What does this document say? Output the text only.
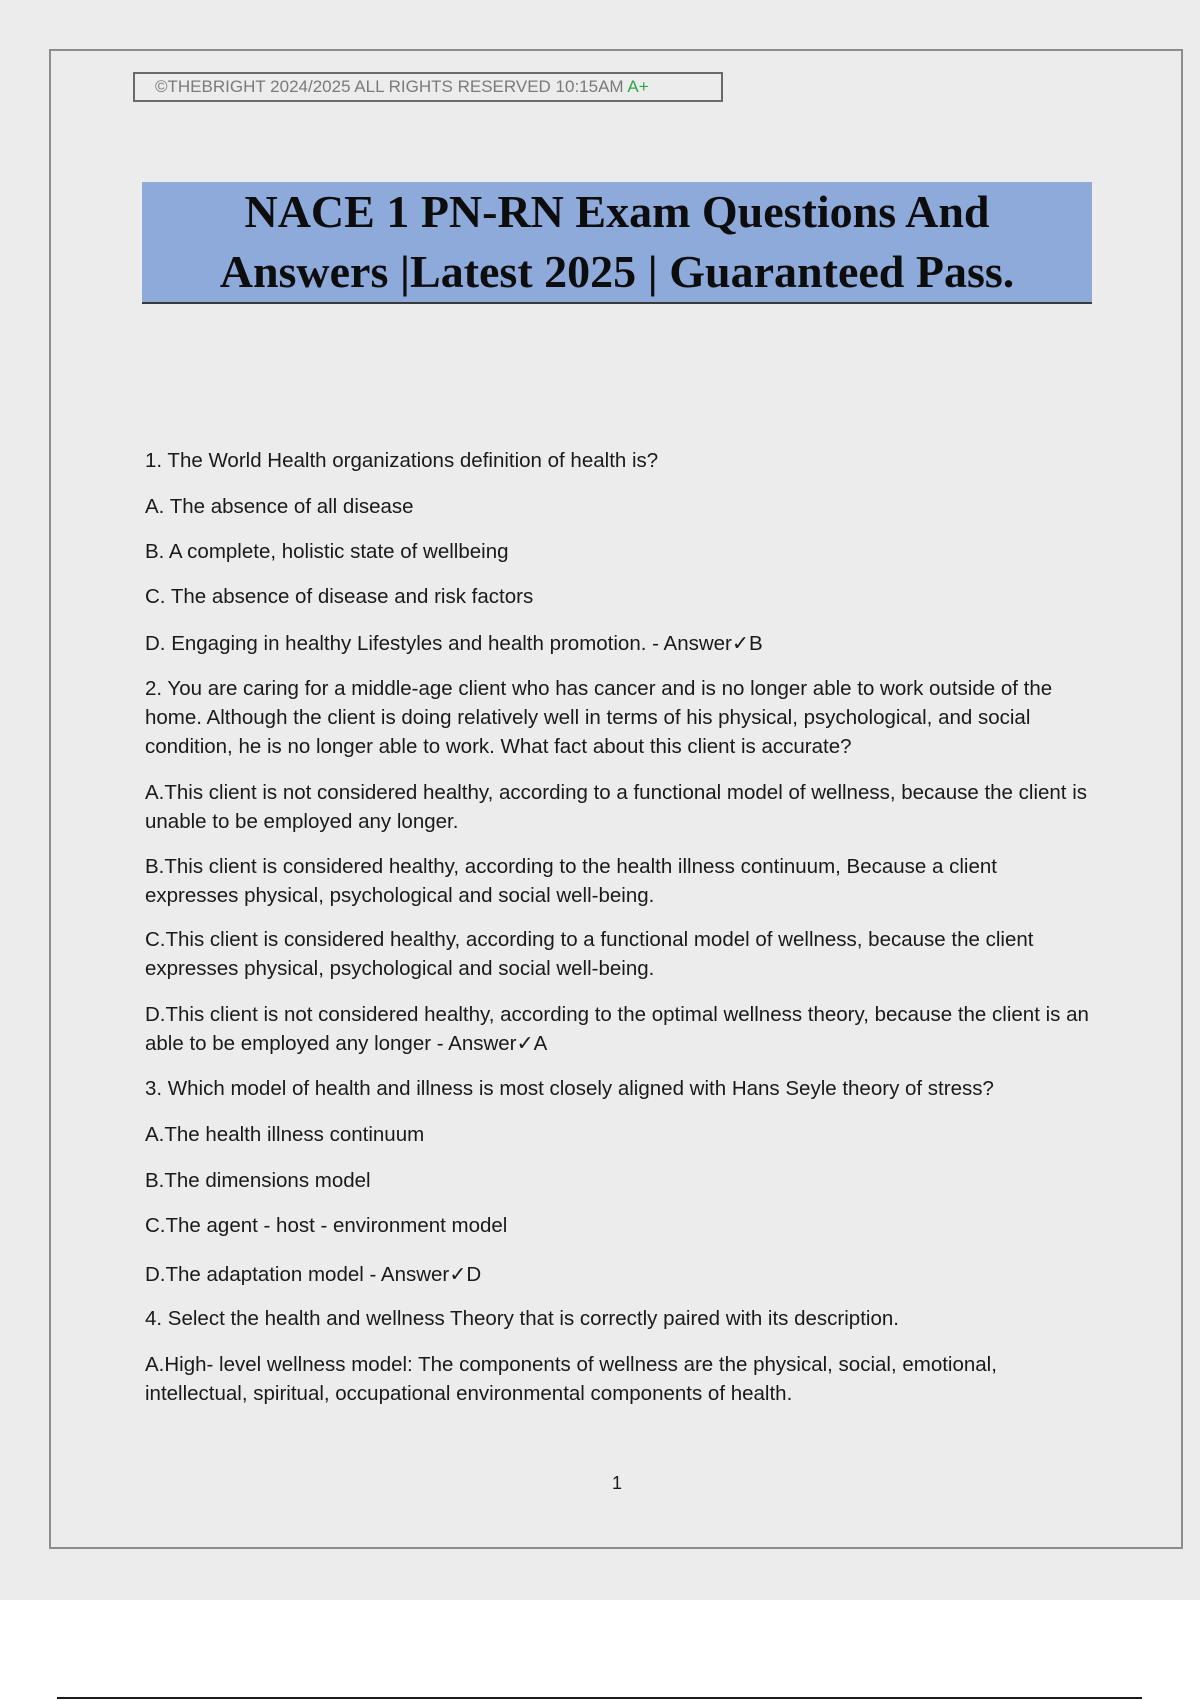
©THEBRIGHT 2024/2025 ALL RIGHTS RESERVED 10:15AM A+
NACE 1 PN-RN Exam Questions And
Answers |Latest 2025 | Guaranteed Pass.

1. The World Health organizations definition of health is?

A. The absence of all disease

B. A complete, holistic state of wellbeing

C. The absence of disease and risk factors

D. Engaging in healthy Lifestyles and health promotion. - Answer✓B

2. You are caring for a middle-age client who has cancer and is no longer able to work outside of the home. Although the client is doing relatively well in terms of his physical, psychological, and social condition, he is no longer able to work. What fact about this client is accurate?

A.This client is not considered healthy, according to a functional model of wellness, because the client is unable to be employed any longer.

B.This client is considered healthy, according to the health illness continuum, Because a client expresses physical, psychological and social well-being.

C.This client is considered healthy, according to a functional model of wellness, because the client expresses physical, psychological and social well-being.

D.This client is not considered healthy, according to the optimal wellness theory, because the client is an able to be employed any longer - Answer✓A

3. Which model of health and illness is most closely aligned with Hans Seyle theory of stress?

A.The health illness continuum

B.The dimensions model

C.The agent - host - environment model

D.The adaptation model - Answer✓D

4. Select the health and wellness Theory that is correctly paired with its description.

A.High- level wellness model: The components of wellness are the physical, social, emotional, intellectual, spiritual, occupational environmental components of health.

1
